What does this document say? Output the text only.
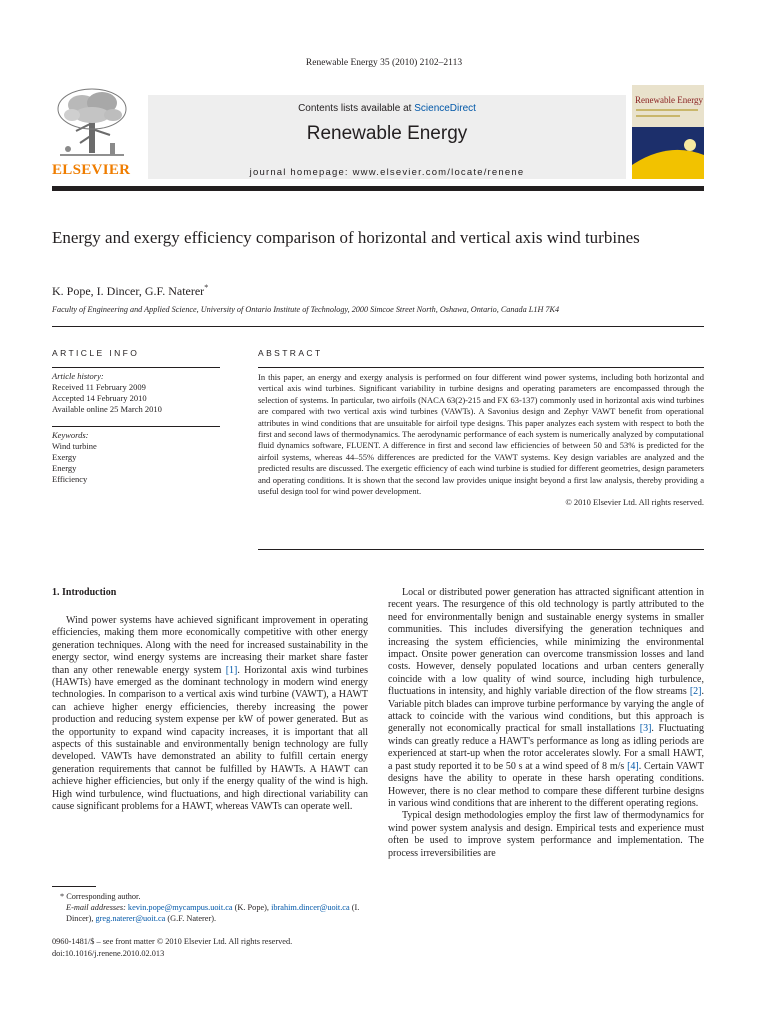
Renewable Energy 35 (2010) 2102–2113
ELSEVIER
Contents lists available at ScienceDirect
Renewable Energy
journal homepage: www.elsevier.com/locate/renene
Renewable Energy
Energy and exergy efficiency comparison of horizontal and vertical axis wind turbines
K. Pope, I. Dincer, G.F. Naterer*
Faculty of Engineering and Applied Science, University of Ontario Institute of Technology, 2000 Simcoe Street North, Oshawa, Ontario, Canada L1H 7K4
ARTICLE INFO	ABSTRACT
Article history:
Received 11 February 2009
Accepted 14 February 2010
Available online 25 March 2010
Keywords:
Wind turbine
Exergy
Energy
Efficiency
In this paper, an energy and exergy analysis is performed on four different wind power systems, including both horizontal and vertical axis wind turbines. Significant variability in turbine designs and operating parameters are encompassed through the selection of systems. In particular, two airfoils (NACA 63(2)-215 and FX 63-137) commonly used in horizontal axis wind turbines are compared with two vertical axis wind turbines (VAWTs). A Savonius design and Zephyr VAWT benefit from operational attributes in wind conditions that are unsuitable for airfoil type designs. This paper analyzes each system with respect to both the first and second laws of thermodynamics. The aerodynamic performance of each system is numerically analyzed by computational fluid dynamics software, FLUENT. A difference in first and second law efficiencies of between 50 and 53% is predicted for the airfoil systems, whereas 44–55% differences are predicted for the VAWT systems. Key design variables are analyzed and the predicted results are discussed. The exergetic efficiency of each wind turbine is studied for different geometries, design parameters and operating conditions. It is shown that the second law provides unique insight beyond a first law analysis, thereby providing a useful design tool for wind power development.
© 2010 Elsevier Ltd. All rights reserved.
1. Introduction

Wind power systems have achieved significant improvement in operating efficiencies, making them more economically competitive with other energy generation techniques. Along with the need for increased sustainability in the energy sector, wind energy systems are increasing their market share faster than any other renewable energy system [1]. Horizontal axis wind turbines (HAWTs) have emerged as the dominant technology in modern wind energy technologies. In comparison to a vertical axis wind turbine (VAWT), a HAWT can achieve higher energy efficiencies, thereby increasing the power production and reducing system expense per kW of power generated. But as the opportunity to expand wind capacity increases, it is important that all aspects of this sustainable and environmentally benign technology are fully developed. VAWTs have demonstrated an ability to fulfill certain energy generation requirements that cannot be fulfilled by HAWTs. A HAWT can achieve higher efficiencies, but only if the energy quality of the wind is high. High wind turbulence, wind fluctuations, and high directional variability can cause significant problems for a HAWT, whereas VAWTs can operate well.

Local or distributed power generation has attracted significant attention in recent years. The resurgence of this old technology is partly attributed to the need for environmentally benign and sustainable energy systems in smaller communities. This includes diversifying the generation techniques and increasing the system efficiencies, while minimizing the environmental impact. Onsite power generation can overcome transmission losses and land costs. However, densely populated locations and urban centers generally coincide with a low quality of wind source, including high turbulence, fluctuations in intensity, and highly variable direction of the flow streams [2]. Variable pitch blades can improve turbine performance by varying the angle of attack to coincide with the various wind conditions, but this approach is generally not economically practical for small installations [3]. Fluctuating winds can greatly reduce a HAWT's performance as long as idling periods are experienced at start-up when the rotor accelerates slowly. For a small HAWT, a past study reported it to be 50 s at a wind speed of 8 m/s [4]. Certain VAWT designs have the ability to operate in these harsh operating conditions. However, there is no clear method to compare these different turbine designs in various wind conditions that are inherent to the different operating regions.

Typical design methodologies employ the first law of thermodynamics for wind power system analysis and design. Empirical tests and experience must often be used to improve system performance and implementation. The process irreversibilities are

* Corresponding author.
E-mail addresses: kevin.pope@mycampus.uoit.ca (K. Pope), ibrahim.dincer@uoit.ca (I. Dincer), greg.naterer@uoit.ca (G.F. Naterer).
0960-1481/$ – see front matter © 2010 Elsevier Ltd. All rights reserved.
doi:10.1016/j.renene.2010.02.013
